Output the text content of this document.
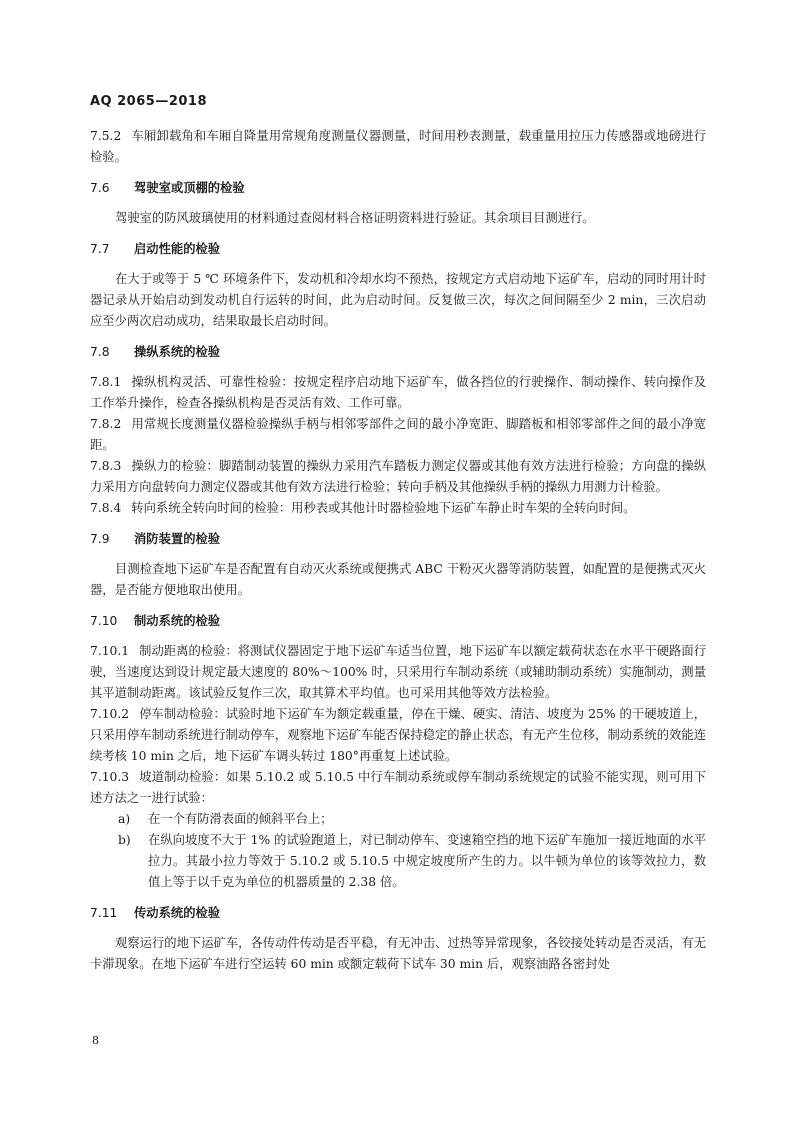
AQ 2065—2018

7.5.2 车厢卸载角和车厢自降量用常规角度测量仪器测量，时间用秒表测量，载重量用拉压力传感器或地磅进行检验。

7.6 驾驶室或顶棚的检验

驾驶室的防风玻璃使用的材料通过查阅材料合格证明资料进行验证。其余项目目测进行。

7.7 启动性能的检验

在大于或等于 5 ℃ 环境条件下，发动机和冷却水均不预热，按规定方式启动地下运矿车，启动的同时用计时器记录从开始启动到发动机自行运转的时间，此为启动时间。反复做三次，每次之间间隔至少 2 min，三次启动应至少两次启动成功，结果取最长启动时间。

7.8 操纵系统的检验

7.8.1 操纵机构灵活、可靠性检验：按规定程序启动地下运矿车，做各挡位的行驶操作、制动操作、转向操作及工作举升操作，检查各操纵机构是否灵活有效、工作可靠。

7.8.2 用常规长度测量仪器检验操纵手柄与相邻零部件之间的最小净宽距、脚踏板和相邻零部件之间的最小净宽距。

7.8.3 操纵力的检验：脚踏制动装置的操纵力采用汽车踏板力测定仪器或其他有效方法进行检验；方向盘的操纵力采用方向盘转向力测定仪器或其他有效方法进行检验；转向手柄及其他操纵手柄的操纵力用测力计检验。

7.8.4 转向系统全转向时间的检验：用秒表或其他计时器检验地下运矿车静止时车架的全转向时间。

7.9 消防装置的检验

目测检查地下运矿车是否配置有自动灭火系统或便携式 ABC 干粉灭火器等消防装置，如配置的是便携式灭火器，是否能方便地取出使用。

7.10 制动系统的检验

7.10.1 制动距离的检验：将测试仪器固定于地下运矿车适当位置，地下运矿车以额定载荷状态在水平干硬路面行驶，当速度达到设计规定最大速度的 80%～100% 时，只采用行车制动系统（或辅助制动系统）实施制动，测量其平道制动距离。该试验反复作三次，取其算术平均值。也可采用其他等效方法检验。

7.10.2 停车制动检验：试验时地下运矿车为额定载重量，停在干燥、硬实、清洁、坡度为 25% 的干硬坡道上，只采用停车制动系统进行制动停车，观察地下运矿车能否保持稳定的静止状态，有无产生位移，制动系统的效能连续考核 10 min 之后，地下运矿车调头转过 180°再重复上述试验。

7.10.3 坡道制动检验：如果 5.10.2 或 5.10.5 中行车制动系统或停车制动系统规定的试验不能实现，则可用下述方法之一进行试验：

a)	在一个有防滑表面的倾斜平台上；
b)	在纵向坡度不大于 1% 的试验跑道上，对已制动停车、变速箱空挡的地下运矿车施加一接近地面的水平拉力。其最小拉力等效于 5.10.2 或 5.10.5 中规定坡度所产生的力。以牛顿为单位的该等效拉力，数值上等于以千克为单位的机器质量的 2.38 倍。
7.11 传动系统的检验

观察运行的地下运矿车，各传动件传动是否平稳，有无冲击、过热等异常现象，各铰接处转动是否灵活，有无卡滞现象。在地下运矿车进行空运转 60 min 或额定载荷下试车 30 min 后，观察油路各密封处

8
